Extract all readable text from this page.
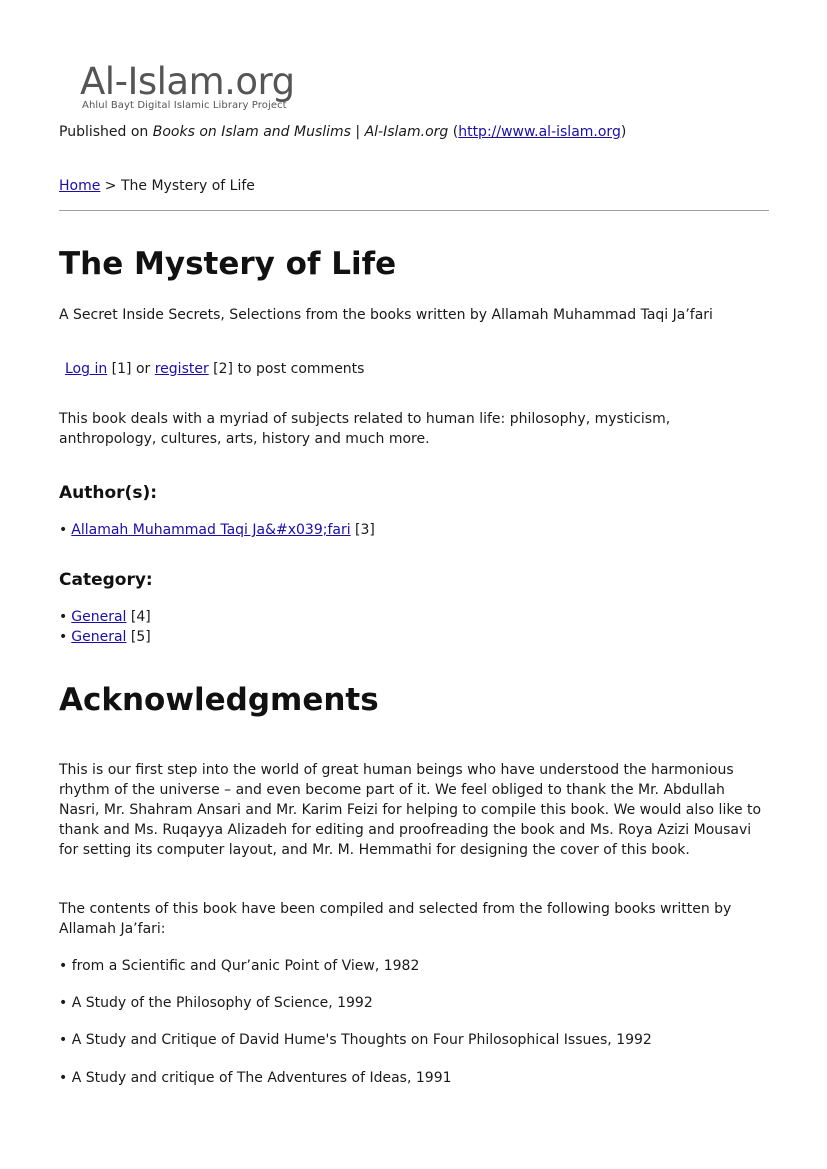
Al-Islam.org
Ahlul Bayt Digital Islamic Library Project
Published on Books on Islam and Muslims | Al-Islam.org (http://www.al-islam.org)
Home > The Mystery of Life
The Mystery of Life

A Secret Inside Secrets, Selections from the books written by Allamah Muhammad Taqi Ja’fari

Log in [1] or register [2] to post comments

This book deals with a myriad of subjects related to human life: philosophy, mysticism, anthropology, cultures, arts, history and much more.

Author(s):
• Allamah Muhammad Taqi Ja&#x039;fari [3]
Category:
• General [4]
• General [5]
Acknowledgments

This is our first step into the world of great human beings who have understood the harmonious rhythm of the universe – and even become part of it. We feel obliged to thank the Mr. Abdullah Nasri, Mr. Shahram Ansari and Mr. Karim Feizi for helping to compile this book. We would also like to thank and Ms. Ruqayya Alizadeh for editing and proofreading the book and Ms. Roya Azizi Mousavi for setting its computer layout, and Mr. M. Hemmathi for designing the cover of this book.

The contents of this book have been compiled and selected from the following books written by Allamah Ja’fari:

• from a Scientific and Qur’anic Point of View, 1982

• A Study of the Philosophy of Science, 1992

• A Study and Critique of David Hume's Thoughts on Four Philosophical Issues, 1992

• A Study and critique of The Adventures of Ideas, 1991
